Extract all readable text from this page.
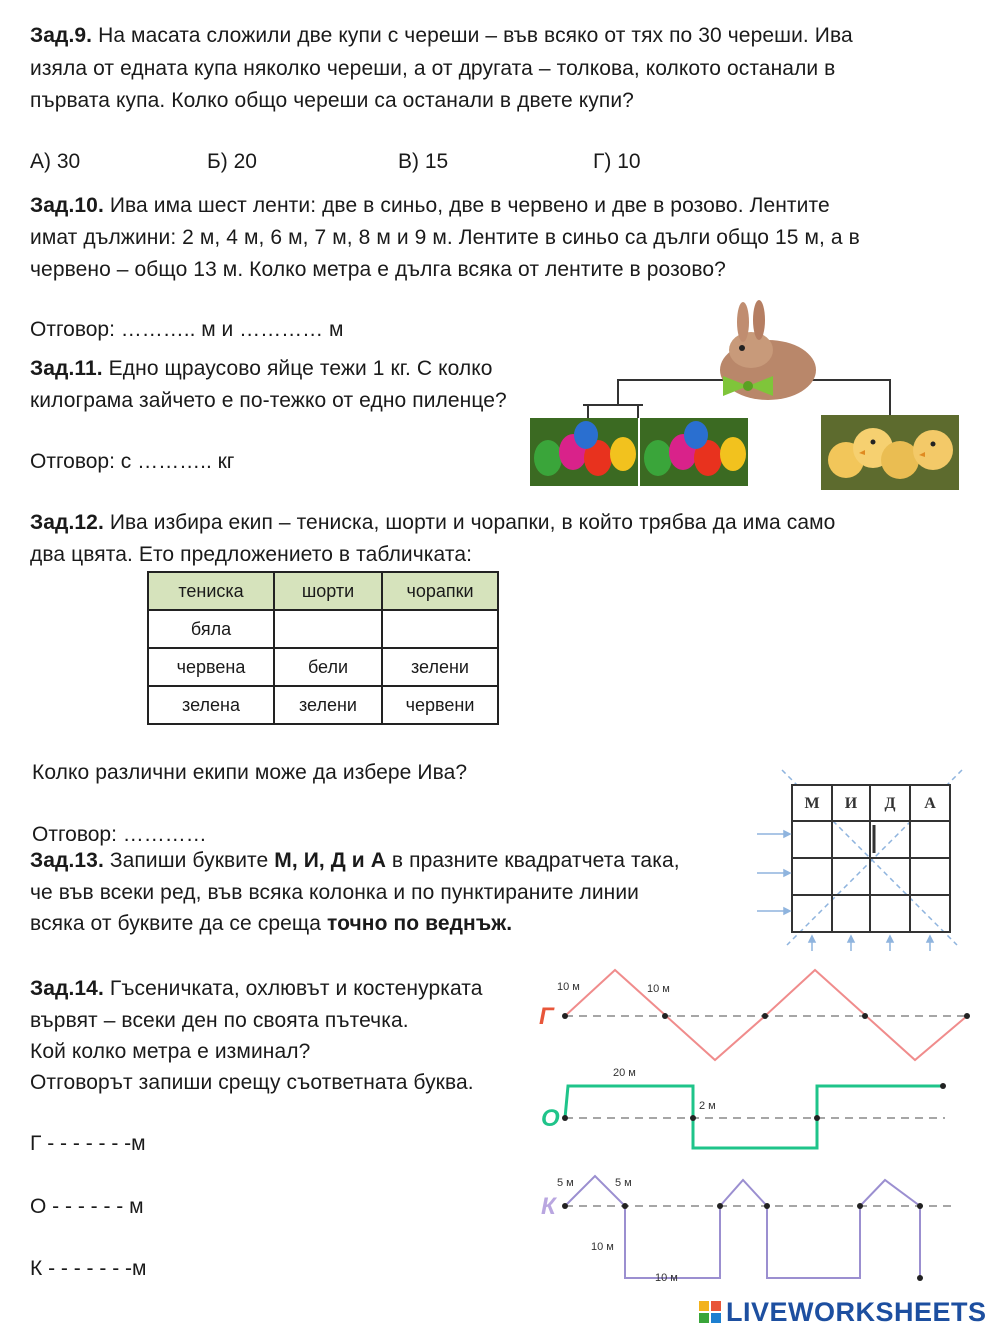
Зад.9. На масата сложили две купи с череши – във всяко от тях по 30 череши. Ива
изяла от едната купа няколко череши, а от другата – толкова, колкото останали в
първата купа. Колко общо череши са останали в двете купи?
А) 30	Б) 20	В) 15	Г) 10
Зад.10. Ива има шест ленти: две в синьо, две в червено и две в розово. Лентите
имат дължини: 2 м, 4 м, 6 м, 7 м, 8 м и 9 м. Лентите в синьо са дълги общо 15 м, а в
червено – общо 13 м. Колко метра е дълга всяка от лентите в розово?
Отговор: ……….. м и ………… м
Зад.11. Едно щраусово яйце тежи 1 кг. С колко
килограма зайчето е по-тежко от едно пиленце?
Отговор: с ……….. кг
Зад.12. Ива избира екип – тениска, шорти и чорапки, в който трябва да има само
два цвята. Ето предложението в табличката:
тениска	шорти	чорапки
бяла		
червена	бели	зелени
зелена	зелени	червени
Колко различни екипи може да избере Ива?
Отговор: …………
Зад.13. Запиши буквите М, И, Д и А в празните квадратчета така,
че във всеки ред, във всяка колонка и по пунктираните линии
всяка от буквите да се среща точно по веднъж.
М И Д А
Зад.14. Гъсеничката, охлювът и костенурката
вървят – всеки ден по своята пътечка.
Кой колко метра е изминал?
Отговорът запиши срещу съответната буква.
Г - - - - - - -м
О - - - - - - м
К - - - - - - -м
Г
10 м	10 м
О
20 м
2 м
К
5 м	5 м
10 м
10 м
LIVEWORKSHEETS
